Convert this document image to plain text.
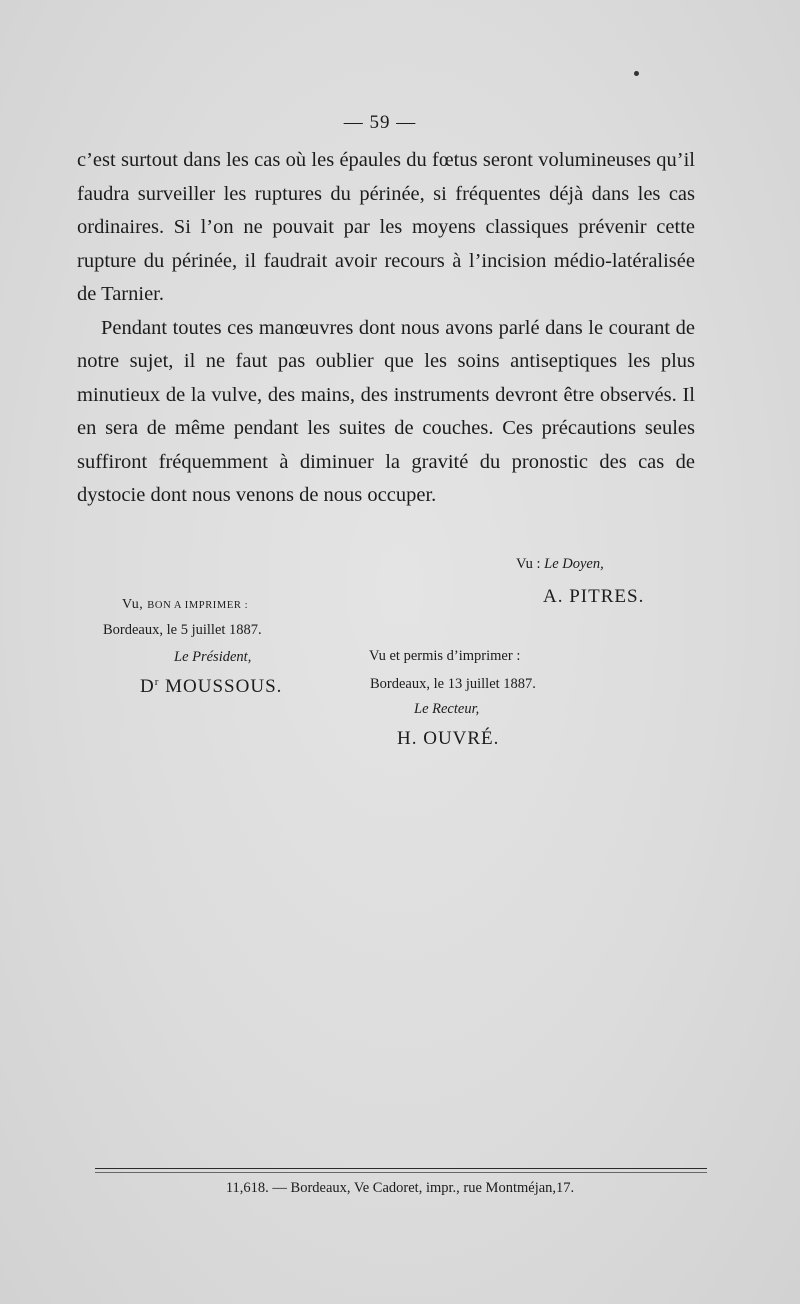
— 59 —

c’est surtout dans les cas où les épaules du fœtus seront volumineuses qu’il faudra surveiller les ruptures du périnée, si fréquentes déjà dans les cas ordinaires. Si l’on ne pouvait par les moyens classiques prévenir cette rupture du périnée, il faudrait avoir recours à l’incision médio-latéralisée de Tarnier.

Pendant toutes ces manœuvres dont nous avons parlé dans le courant de notre sujet, il ne faut pas oublier que les soins antiseptiques les plus minutieux de la vulve, des mains, des instruments devront être observés. Il en sera de même pendant les suites de couches. Ces précautions seules suffiront fréquemment à diminuer la gravité du pronostic des cas de dystocie dont nous venons de nous occuper.

Vu : Le Doyen,
A. PITRES.
Vu, BON A IMPRIMER :
Bordeaux, le 5 juillet 1887.
Le Président,
$D^r$ MOUSSOUS.
Vu et permis d’imprimer :
Bordeaux, le 13 juillet 1887.
Le Recteur,
H. OUVRÉ.
11,618. — Bordeaux, Ve Cadoret, impr., rue Montméjan,17.
